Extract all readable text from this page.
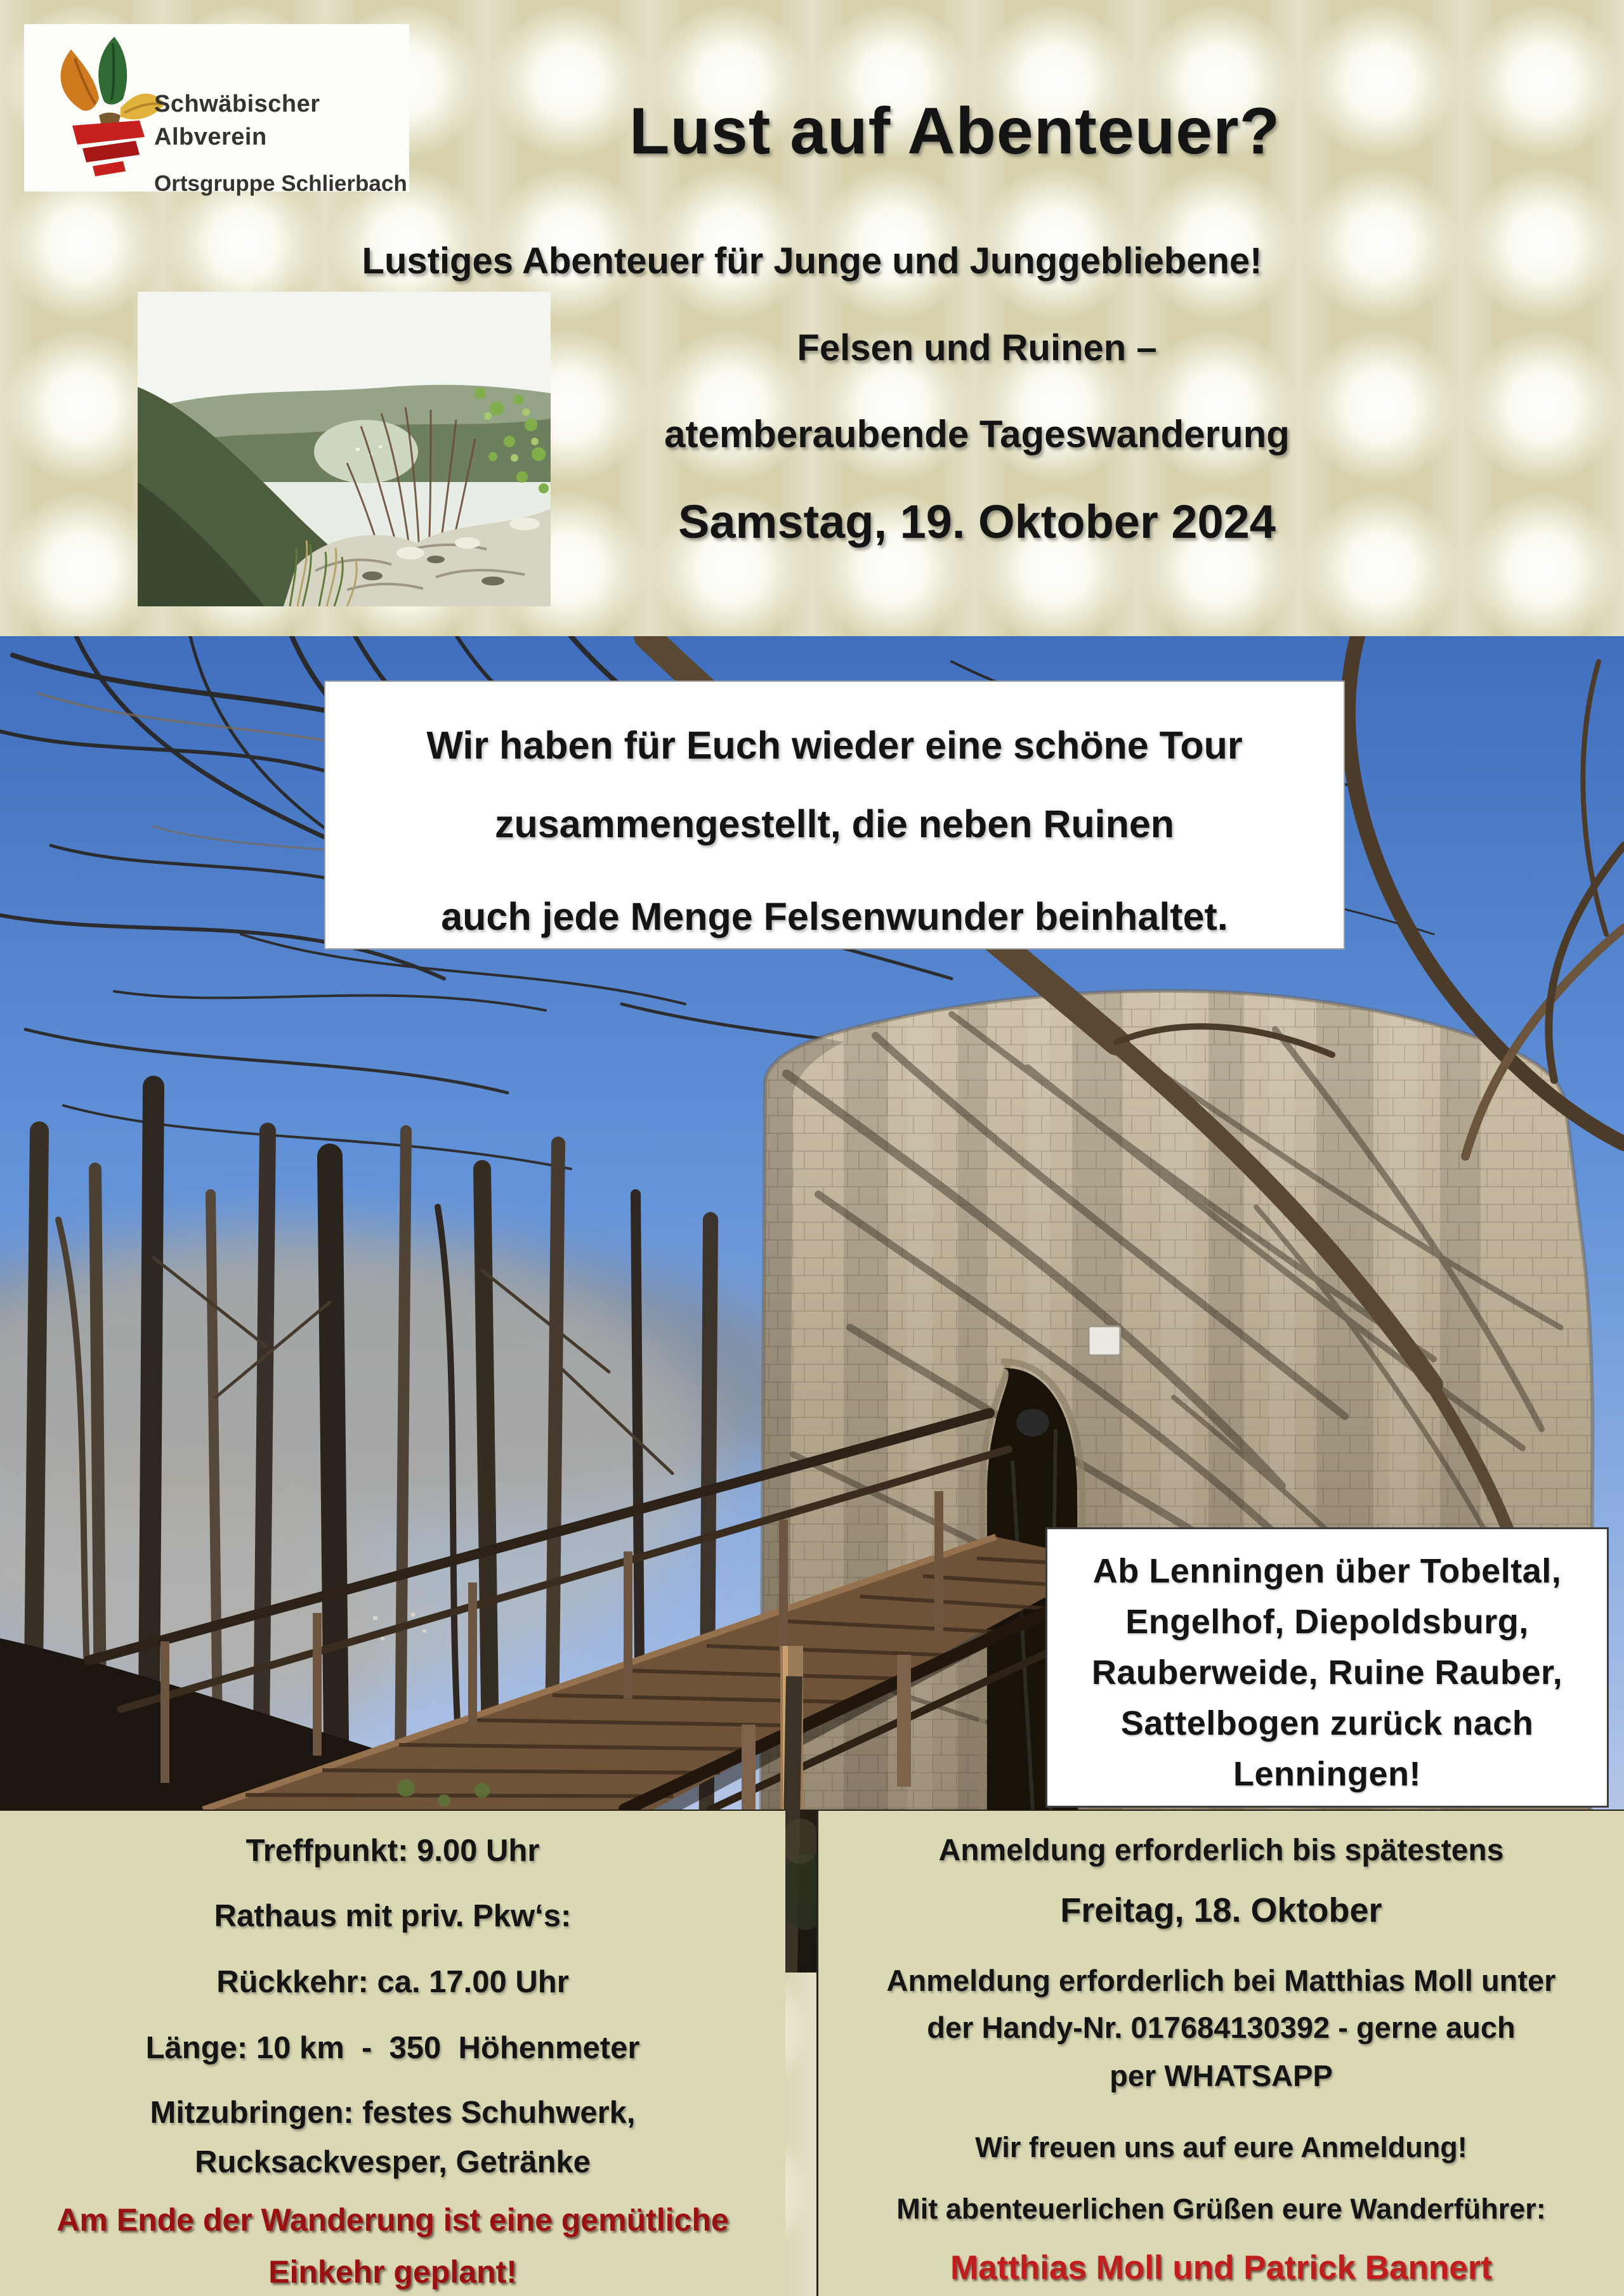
Schwäbischer
Albverein
Ortsgruppe Schlierbach
Lust auf Abenteuer?
Lustiges Abenteuer für Junge und Junggebliebene!
Felsen und Ruinen –
atemberaubende Tageswanderung
Samstag, 19. Oktober 2024
Wir haben für Euch wieder eine schöne Tour
zusammengestellt, die neben Ruinen
auch jede Menge Felsenwunder beinhaltet.
Ab Lenningen über Tobeltal,
Engelhof, Diepoldsburg,
Rauberweide, Ruine Rauber,
Sattelbogen zurück nach
Lenningen!
Treffpunkt: 9.00 Uhr
Rathaus mit priv. Pkw‘s:
Rückkehr: ca. 17.00 Uhr
Länge: 10 km  -  350  Höhenmeter
Mitzubringen: festes Schuhwerk,
Rucksackvesper, Getränke
Am Ende der Wanderung ist eine gemütliche
Einkehr geplant!
Anmeldung erforderlich bis spätestens
Freitag, 18. Oktober
Anmeldung erforderlich bei Matthias Moll unter
der Handy-Nr. 017684130392 - gerne auch
per WHATSAPP
Wir freuen uns auf eure Anmeldung!
Mit abenteuerlichen Grüßen eure Wanderführer:
Matthias Moll und Patrick Bannert
